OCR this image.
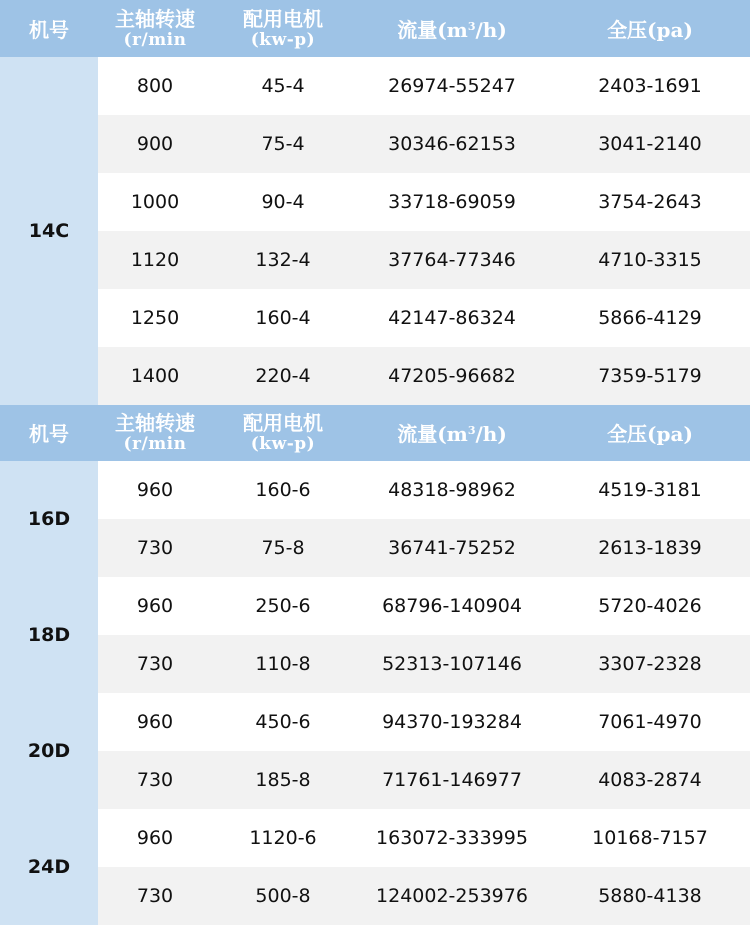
机号	主轴转速
(r/min
配用电机
(kw-p)	流量$(m^3/h)$	全压(pa)
机号	主轴转速
(r/min
配用电机
(kw-p)	流量$(m^3/h)$	全压(pa)
14C
800	45-4	26974-55247	2403-1691
900	75-4	30346-62153	3041-2140
1000	90-4	33718-69059	3754-2643
1120	132-4	37764-77346	4710-3315
1250	160-4	42147-86324	5866-4129
1400	220-4	47205-96682	7359-5179
16D
960	160-6	48318-98962	4519-3181
730	75-8	36741-75252	2613-1839
18D
960	250-6	68796-140904	5720-4026
730	110-8	52313-107146	3307-2328
20D
960	450-6	94370-193284	7061-4970
730	185-8	71761-146977	4083-2874
24D
960	1120-6	163072-333995	10168-7157
730	500-8	124002-253976	5880-4138
